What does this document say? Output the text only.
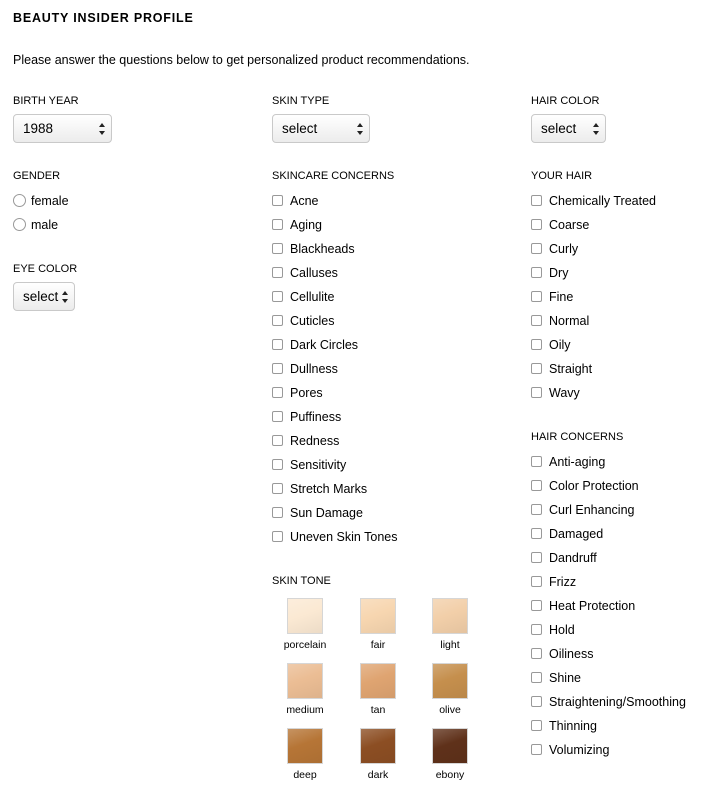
BEAUTY INSIDER PROFILE
Please answer the questions below to get personalized product recommendations.
BIRTH YEAR
1988
GENDER
female
male
EYE COLOR
select
SKIN TYPE
select
SKINCARE CONCERNS
Acne
Aging
Blackheads
Calluses
Cellulite
Cuticles
Dark Circles
Dullness
Pores
Puffiness
Redness
Sensitivity
Stretch Marks
Sun Damage
Uneven Skin Tones
SKIN TONE
porcelain	fair	light
medium	tan	olive
deep	dark	ebony
HAIR COLOR
select
YOUR HAIR
Chemically Treated
Coarse
Curly
Dry
Fine
Normal
Oily
Straight
Wavy
HAIR CONCERNS
Anti-aging
Color Protection
Curl Enhancing
Damaged
Dandruff
Frizz
Heat Protection
Hold
Oiliness
Shine
Straightening/Smoothing
Thinning
Volumizing
